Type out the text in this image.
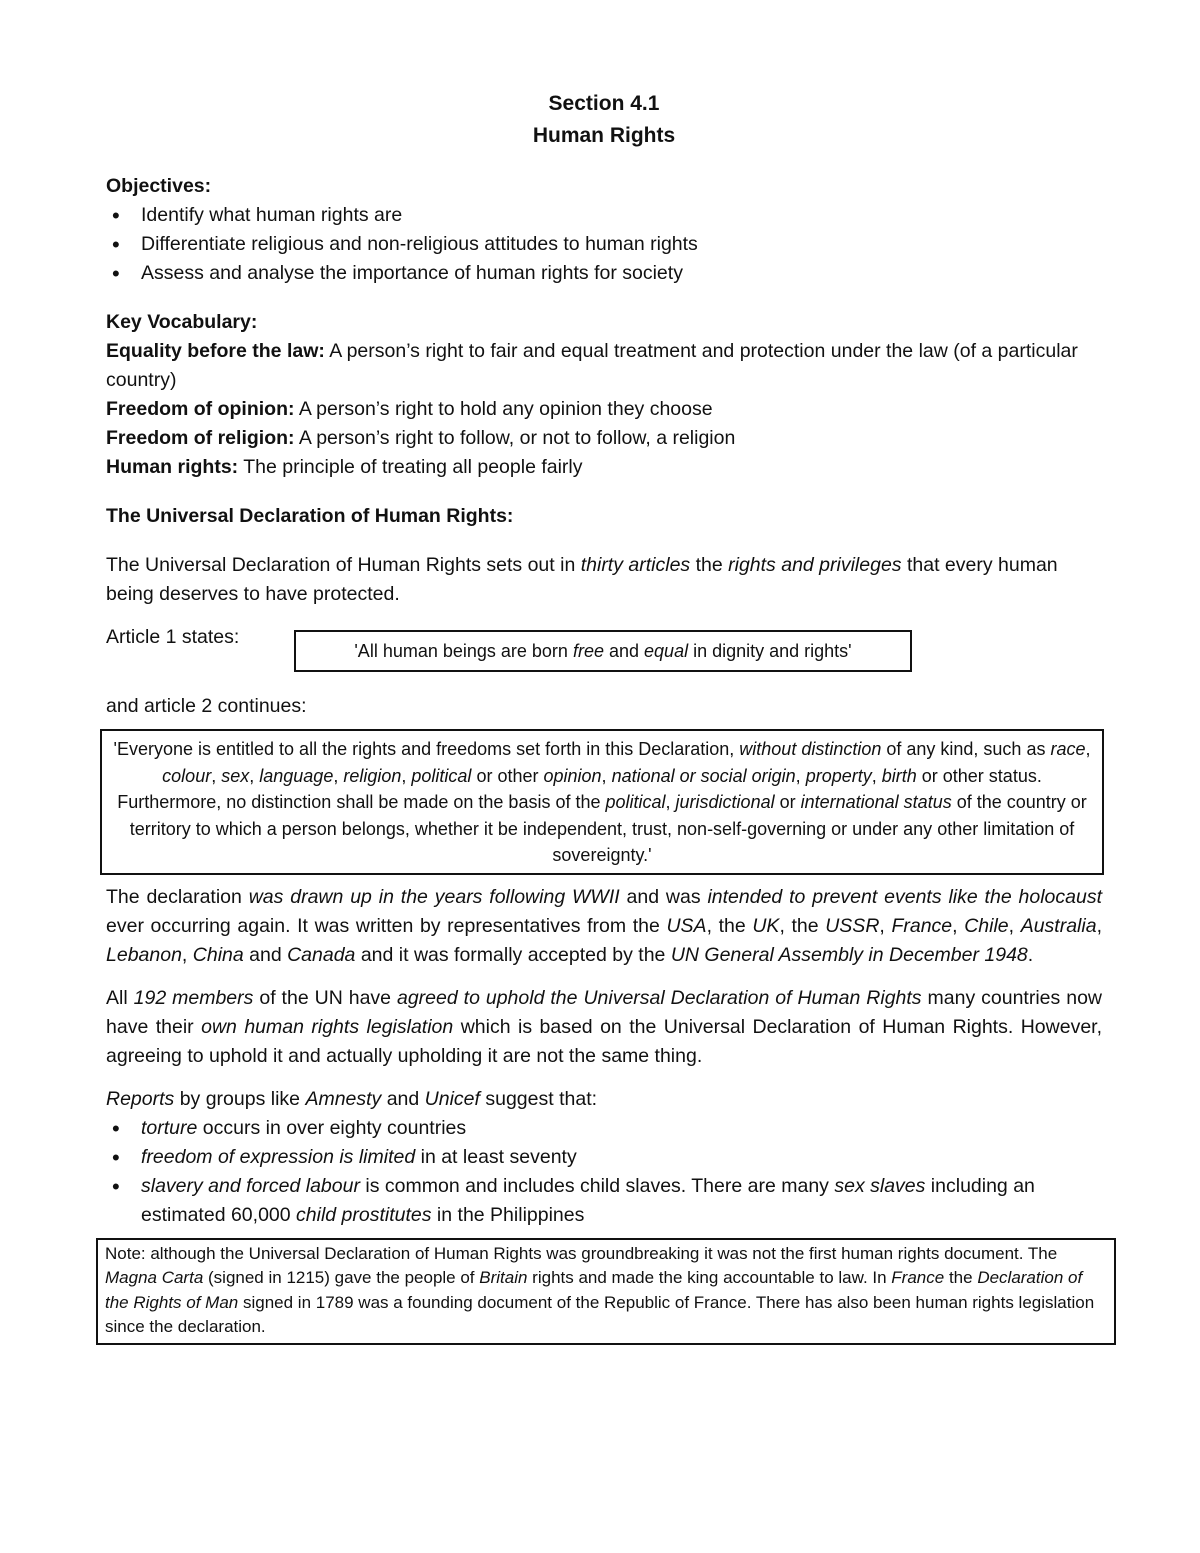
Section 4.1
Human Rights
Objectives:
• Identify what human rights are
• Differentiate religious and non-religious attitudes to human rights
• Assess and analyse the importance of human rights for society
Key Vocabulary:

Equality before the law: A person’s right to fair and equal treatment and protection under the law (of a particular country)

Freedom of opinion: A person’s right to hold any opinion they choose

Freedom of religion: A person’s right to follow, or not to follow, a religion

Human rights: The principle of treating all people fairly

The Universal Declaration of Human Rights:

The Universal Declaration of Human Rights sets out in thirty articles the rights and privileges that every human being deserves to have protected.

Article 1 states:

'All human beings are born free and equal in dignity and rights'

and article 2 continues:

'Everyone is entitled to all the rights and freedoms set forth in this Declaration, without distinction of any kind, such as race, colour, sex, language, religion, political or other opinion, national or social origin, property, birth or other status. Furthermore, no distinction shall be made on the basis of the political, jurisdictional or international status of the country or territory to which a person belongs, whether it be independent, trust, non-self-governing or under any other limitation of sovereignty.'

The declaration was drawn up in the years following WWII and was intended to prevent events like the holocaust ever occurring again. It was written by representatives from the USA, the UK, the USSR, France, Chile, Australia, Lebanon, China and Canada and it was formally accepted by the UN General Assembly in December 1948.

All 192 members of the UN have agreed to uphold the Universal Declaration of Human Rights many countries now have their own human rights legislation which is based on the Universal Declaration of Human Rights. However, agreeing to uphold it and actually upholding it are not the same thing.

Reports by groups like Amnesty and Unicef suggest that:

• torture occurs in over eighty countries
• freedom of expression is limited in at least seventy
• slavery and forced labour is common and includes child slaves. There are many sex slaves including an estimated 60,000 child prostitutes in the Philippines
Note: although the Universal Declaration of Human Rights was groundbreaking it was not the first human rights document. The Magna Carta (signed in 1215) gave the people of Britain rights and made the king accountable to law. In France the Declaration of the Rights of Man signed in 1789 was a founding document of the Republic of France. There has also been human rights legislation since the declaration.
